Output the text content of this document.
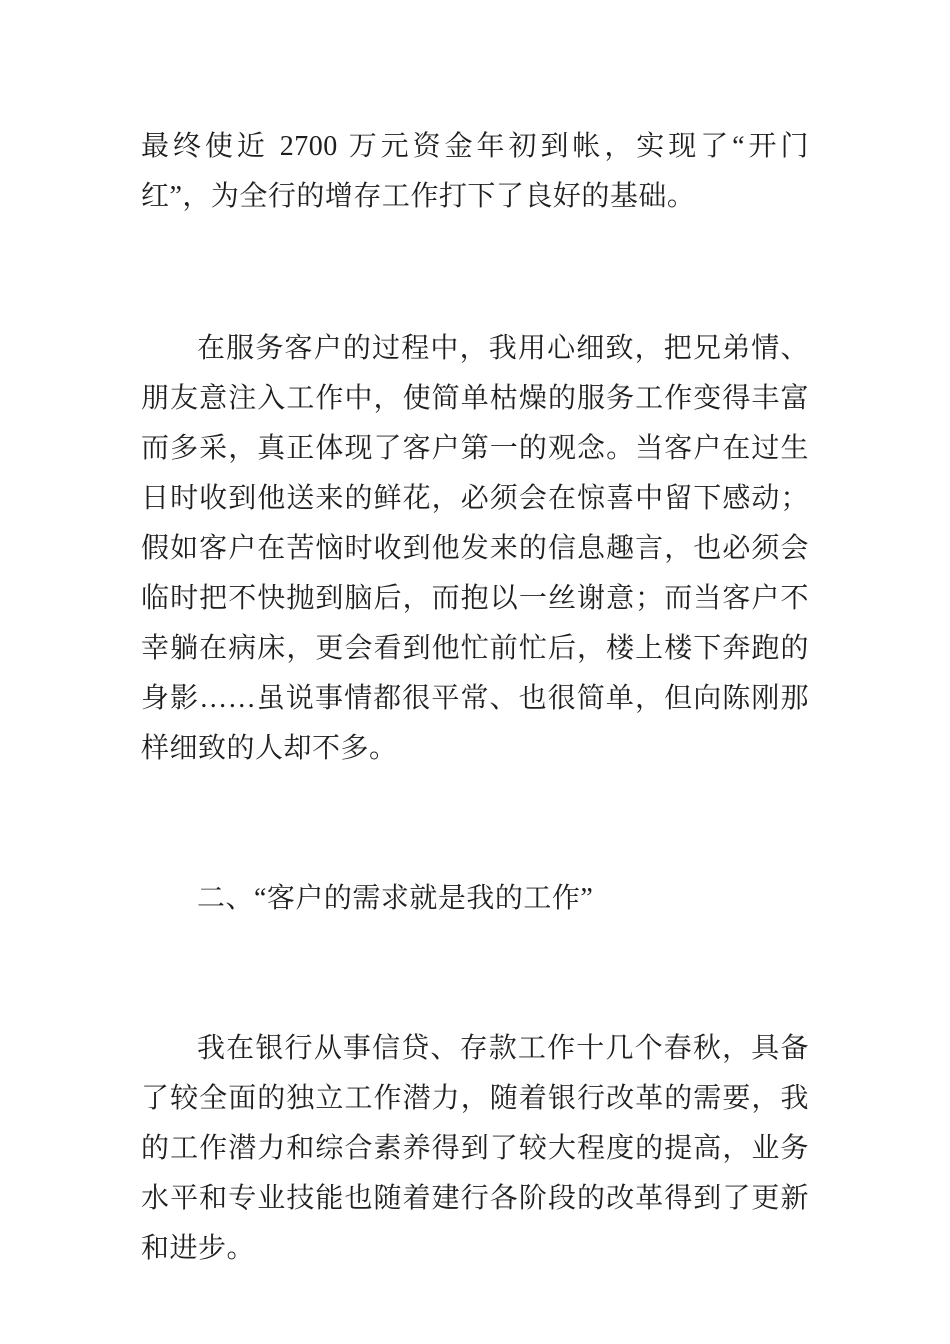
最终使近 2700 万元资金年初到帐，实现了“开门红”，为全行的增存工作打下了良好的基础。

在服务客户的过程中，我用心细致，把兄弟情、朋友意注入工作中，使简单枯燥的服务工作变得丰富而多采，真正体现了客户第一的观念。当客户在过生日时收到他送来的鲜花，必须会在惊喜中留下感动；假如客户在苦恼时收到他发来的信息趣言，也必须会临时把不快抛到脑后，而抱以一丝谢意；而当客户不幸躺在病床，更会看到他忙前忙后，楼上楼下奔跑的身影……虽说事情都很平常、也很简单，但向陈刚那样细致的人却不多。

二、“客户的需求就是我的工作”

我在银行从事信贷、存款工作十几个春秋，具备了较全面的独立工作潜力，随着银行改革的需要，我的工作潜力和综合素养得到了较大程度的提高，业务水平和专业技能也随着建行各阶段的改革得到了更新和进步。
